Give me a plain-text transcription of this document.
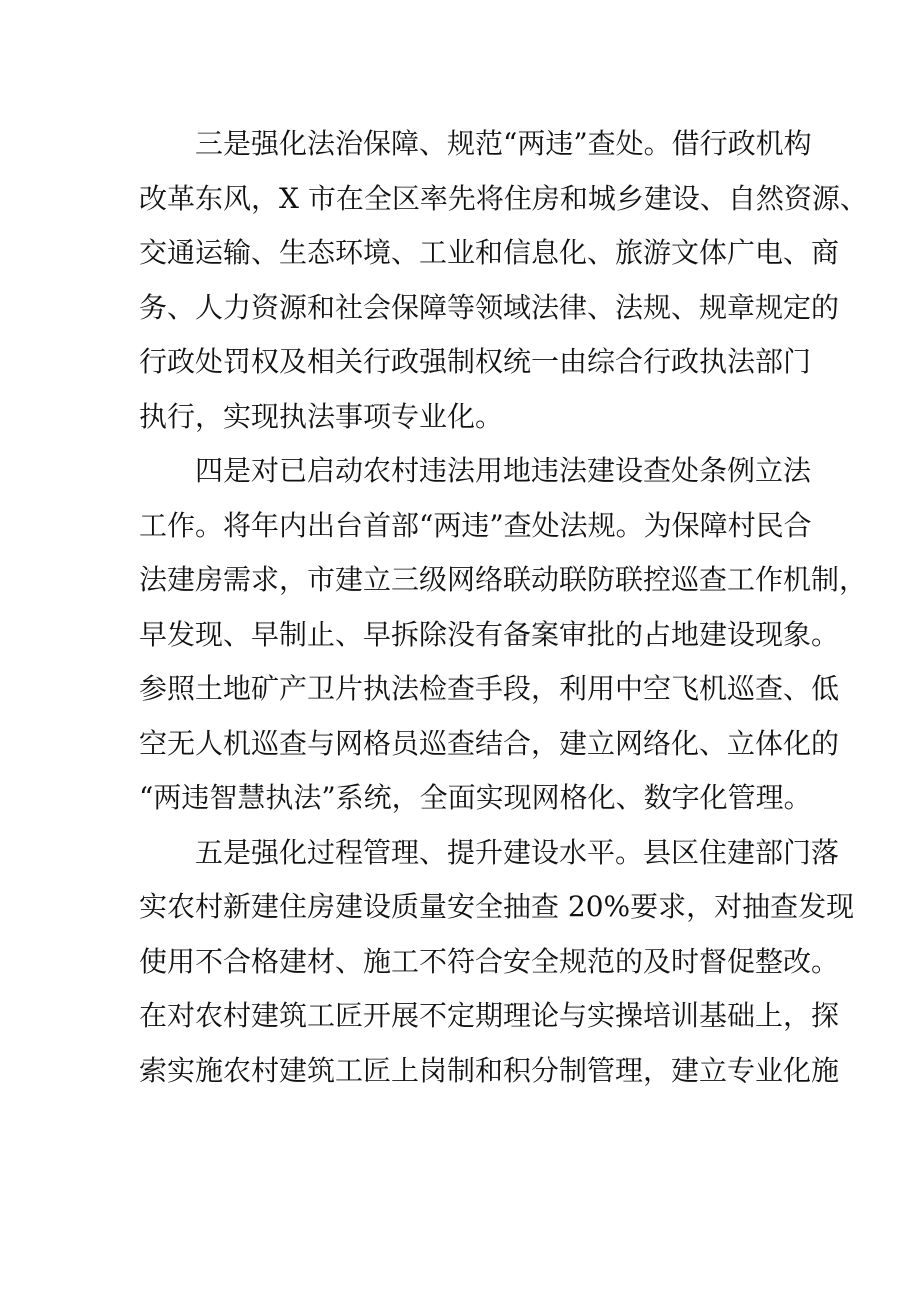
三是强化法治保障、规范“两违”查处。借行政机构
改革东风，X 市在全区率先将住房和城乡建设、自然资源、
交通运输、生态环境、工业和信息化、旅游文体广电、商
务、人力资源和社会保障等领域法律、法规、规章规定的
行政处罚权及相关行政强制权统一由综合行政执法部门
执行，实现执法事项专业化。
四是对已启动农村违法用地违法建设查处条例立法
工作。将年内出台首部“两违”查处法规。为保障村民合
法建房需求，市建立三级网络联动联防联控巡查工作机制，
早发现、早制止、早拆除没有备案审批的占地建设现象。
参照土地矿产卫片执法检查手段，利用中空飞机巡查、低
空无人机巡查与网格员巡查结合，建立网络化、立体化的
“两违智慧执法”系统，全面实现网格化、数字化管理。
五是强化过程管理、提升建设水平。县区住建部门落
实农村新建住房建设质量安全抽查 20%要求，对抽查发现
使用不合格建材、施工不符合安全规范的及时督促整改。
在对农村建筑工匠开展不定期理论与实操培训基础上，探
索实施农村建筑工匠上岗制和积分制管理，建立专业化施
